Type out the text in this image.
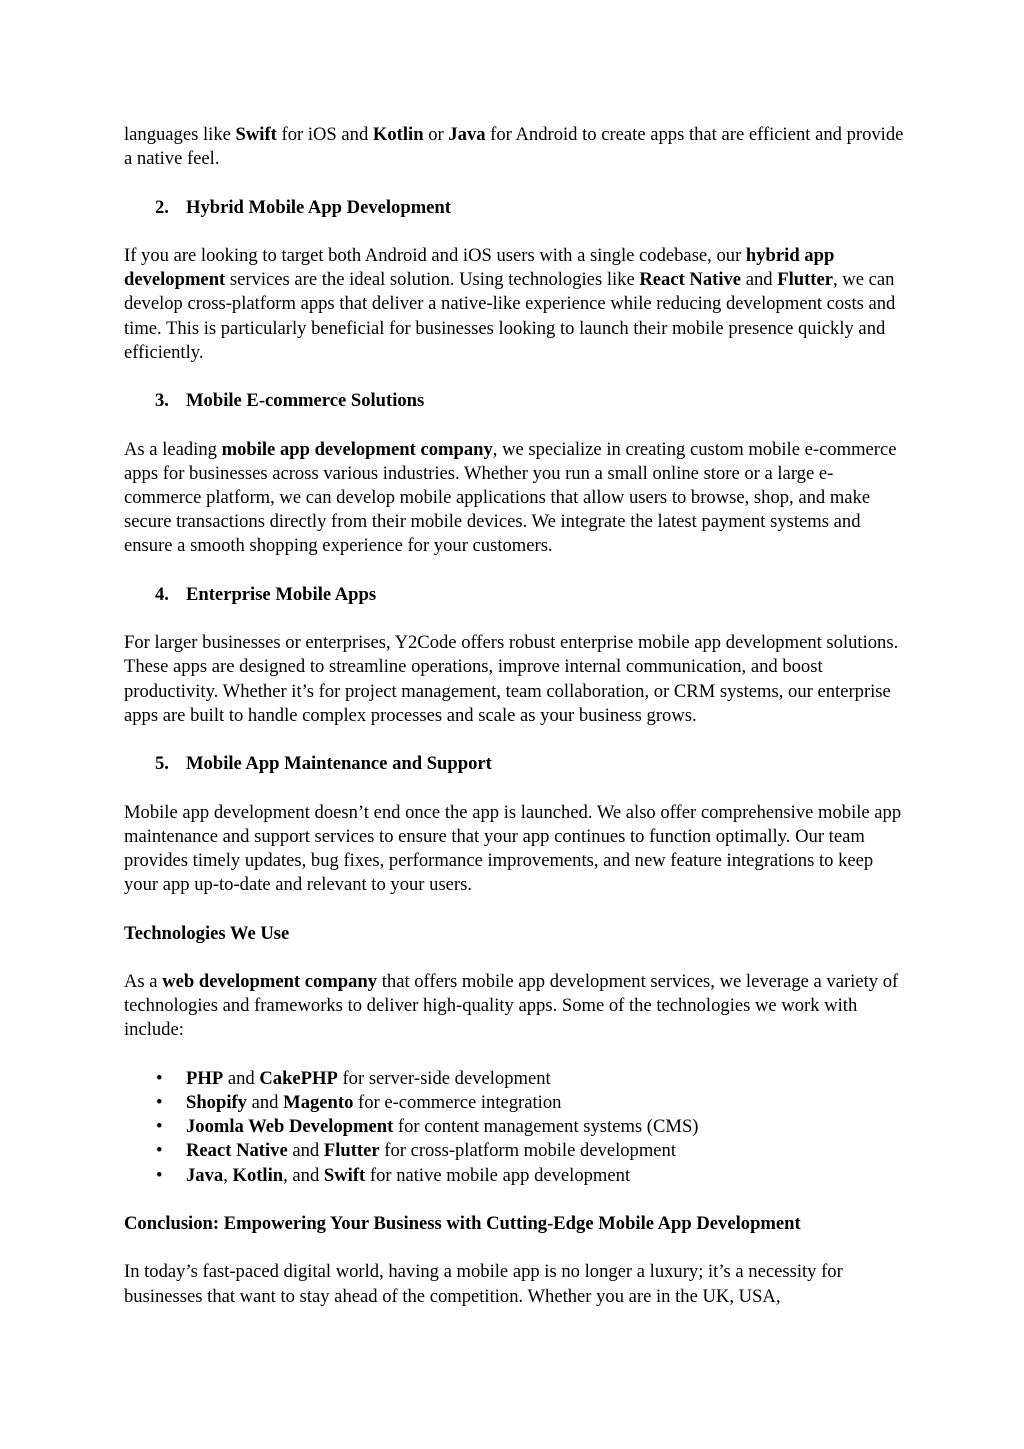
languages like Swift for iOS and Kotlin or Java for Android to create apps that are efficient and provide a native feel.

2. Hybrid Mobile App Development

If you are looking to target both Android and iOS users with a single codebase, our hybrid app development services are the ideal solution. Using technologies like React Native and Flutter, we can develop cross-platform apps that deliver a native-like experience while reducing development costs and time. This is particularly beneficial for businesses looking to launch their mobile presence quickly and efficiently.

3. Mobile E-commerce Solutions

As a leading mobile app development company, we specialize in creating custom mobile e-commerce apps for businesses across various industries. Whether you run a small online store or a large e-commerce platform, we can develop mobile applications that allow users to browse, shop, and make secure transactions directly from their mobile devices. We integrate the latest payment systems and ensure a smooth shopping experience for your customers.

4. Enterprise Mobile Apps

For larger businesses or enterprises, Y2Code offers robust enterprise mobile app development solutions. These apps are designed to streamline operations, improve internal communication, and boost productivity. Whether it’s for project management, team collaboration, or CRM systems, our enterprise apps are built to handle complex processes and scale as your business grows.

5. Mobile App Maintenance and Support

Mobile app development doesn’t end once the app is launched. We also offer comprehensive mobile app maintenance and support services to ensure that your app continues to function optimally. Our team provides timely updates, bug fixes, performance improvements, and new feature integrations to keep your app up-to-date and relevant to your users.

Technologies We Use

As a web development company that offers mobile app development services, we leverage a variety of technologies and frameworks to deliver high-quality apps. Some of the technologies we work with include:

• PHP and CakePHP for server-side development
• Shopify and Magento for e-commerce integration
• Joomla Web Development for content management systems (CMS)
• React Native and Flutter for cross-platform mobile development
• Java, Kotlin, and Swift for native mobile app development
Conclusion: Empowering Your Business with Cutting-Edge Mobile App Development

In today’s fast-paced digital world, having a mobile app is no longer a luxury; it’s a necessity for businesses that want to stay ahead of the competition. Whether you are in the UK, USA,
